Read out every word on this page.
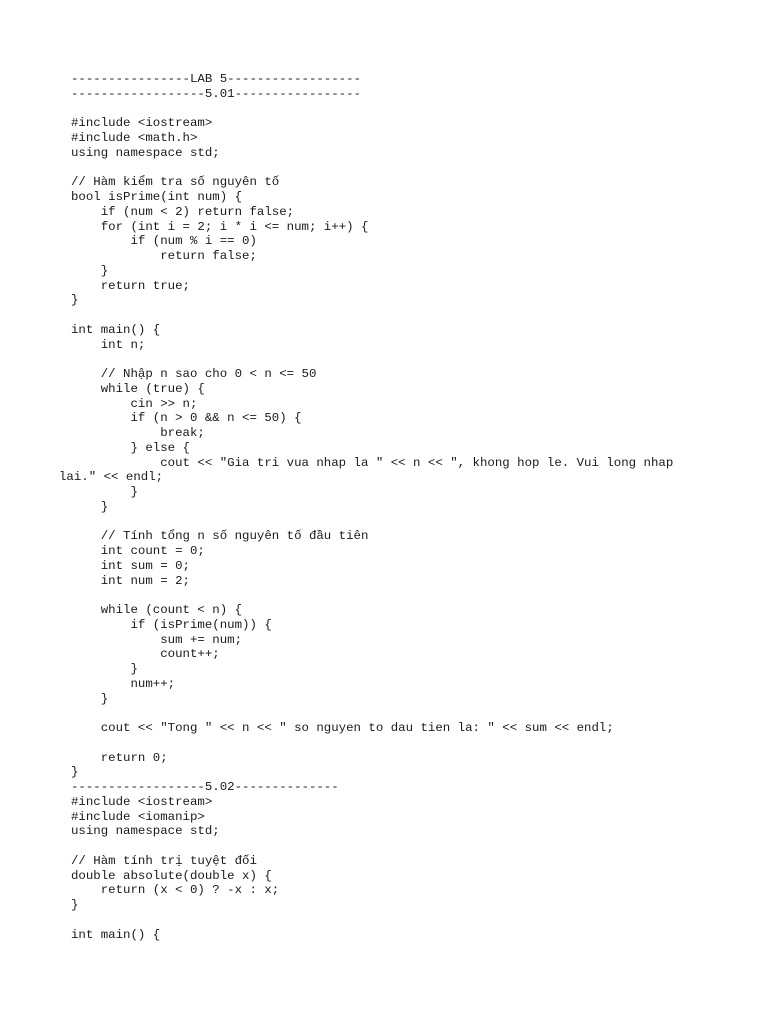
----------------LAB 5------------------
------------------5.01-----------------
#include <iostream>
#include <math.h>
using namespace std;
// Hàm kiểm tra số nguyên tố
bool isPrime(int num) {
if (num < 2) return false;
for (int i = 2; i * i <= num; i++) {
if (num % i == 0)
return false;
}
return true;
}
int main() {
int n;
// Nhập n sao cho 0 < n <= 50
while (true) {
cin >> n;
if (n > 0 && n <= 50) {
break;
} else {
cout << "Gia tri vua nhap la " << n << ", khong hop le. Vui long nhap
lai." << endl;
}
}
// Tính tổng n số nguyên tố đầu tiên
int count = 0;
int sum = 0;
int num = 2;
while (count < n) {
if (isPrime(num)) {
sum += num;
count++;
}
num++;
}
cout << "Tong " << n << " so nguyen to dau tien la: " << sum << endl;
return 0;
}
------------------5.02--------------
#include <iostream>
#include <iomanip>
using namespace std;
// Hàm tính trị tuyệt đối
double absolute(double x) {
return (x < 0) ? -x : x;
}
int main() {
